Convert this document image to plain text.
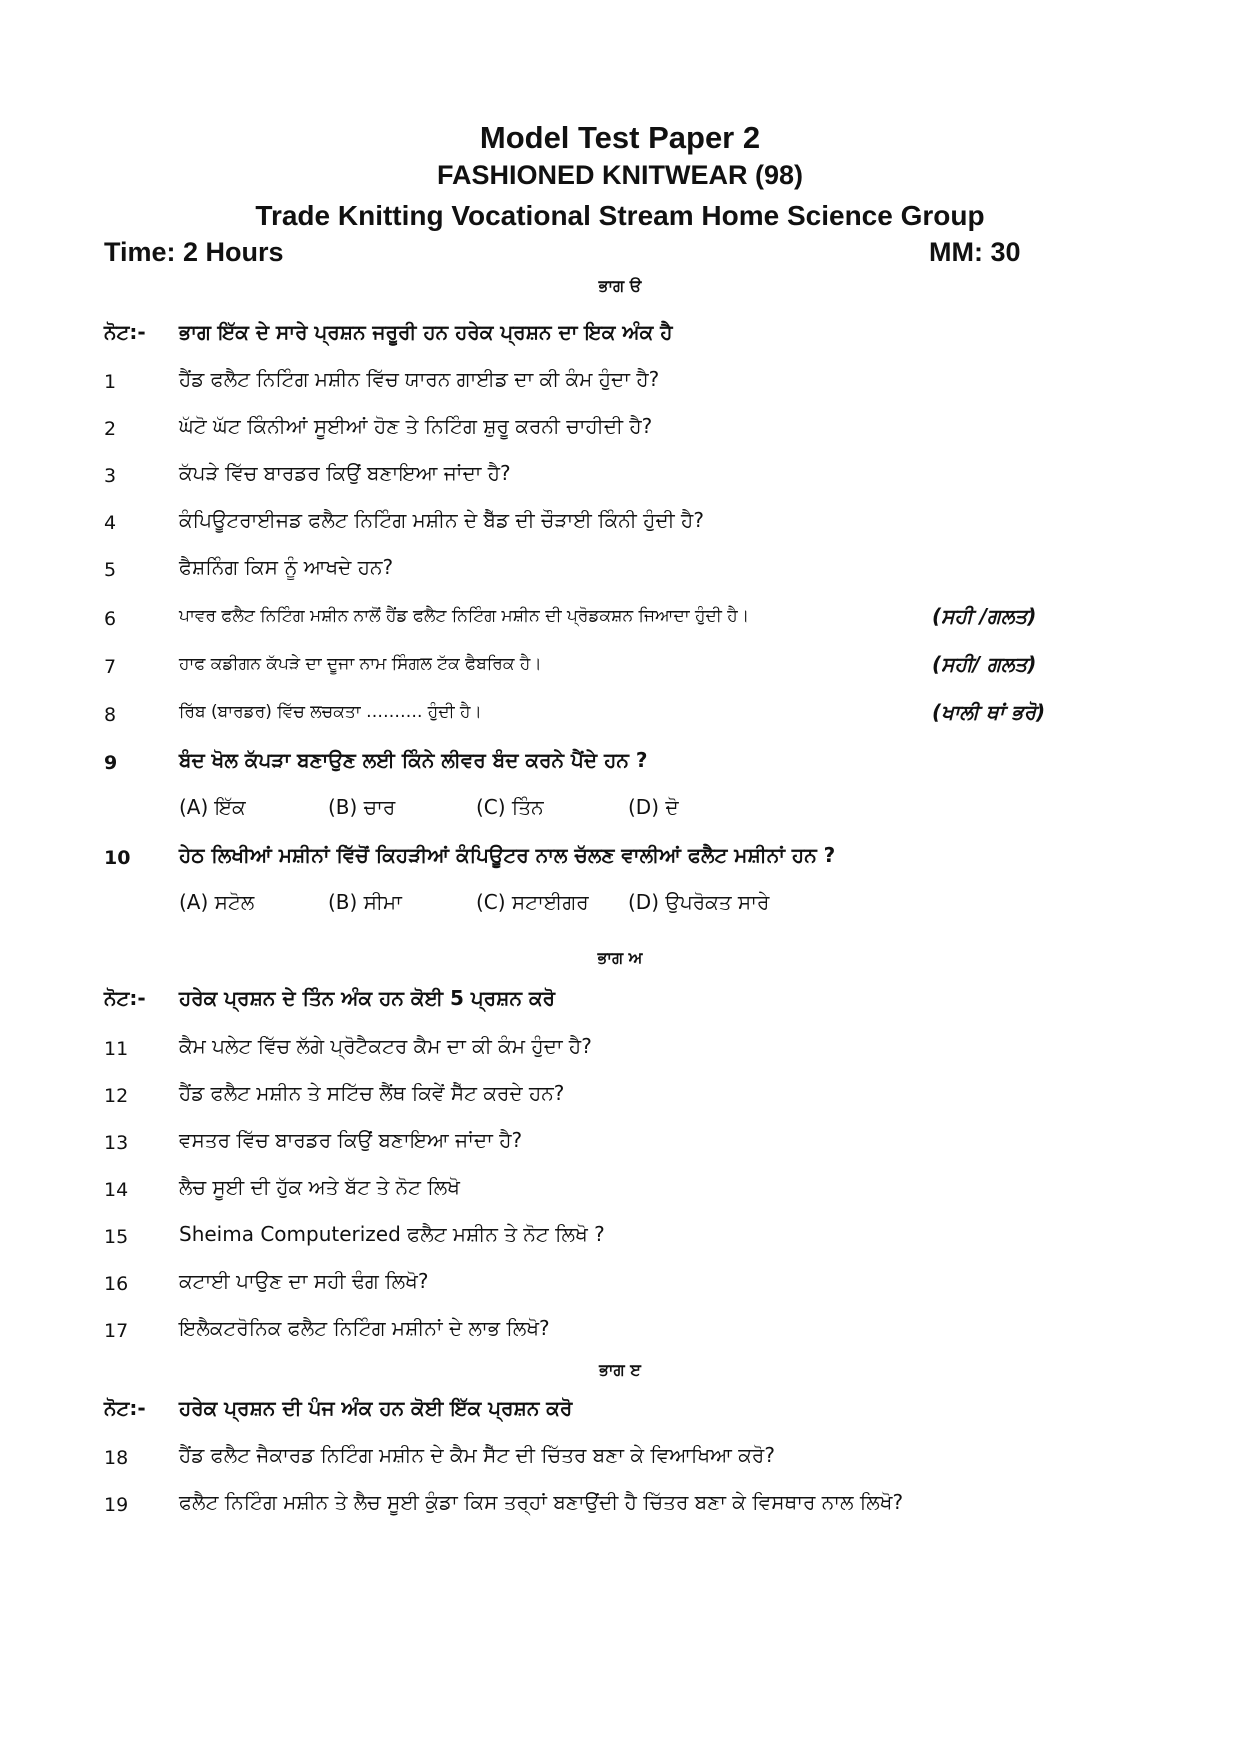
Model Test Paper 2
FASHIONED KNITWEAR (98)
Trade Knitting Vocational Stream Home Science Group
Time: 2 Hours	MM: 30
ਭਾਗ ੳ
ਨੋਟ:- ਭਾਗ ਇੱਕ ਦੇ ਸਾਰੇ ਪ੍ਰਸ਼ਨ ਜਰੂਰੀ ਹਨ ਹਰੇਕ ਪ੍ਰਸ਼ਨ ਦਾ ਇਕ ਅੰਕ ਹੈ
1	ਹੈਂਡ ਫਲੈਟ ਨਿਟਿੰਗ ਮਸ਼ੀਨ ਵਿੱਚ ਯਾਰਨ ਗਾਈਡ ਦਾ ਕੀ ਕੰਮ ਹੁੰਦਾ ਹੈ?
2	ਘੱਟੋ ਘੱਟ ਕਿੰਨੀਆਂ ਸੂਈਆਂ ਹੋਣ ਤੇ ਨਿਟਿੰਗ ਸ਼ੁਰੂ ਕਰਨੀ ਚਾਹੀਦੀ ਹੈ?
3	ਕੱਪੜੇ ਵਿੱਚ ਬਾਰਡਰ ਕਿਉਂ ਬਣਾਇਆ ਜਾਂਦਾ ਹੈ?
4	ਕੰਪਿਊਟਰਾਈਜਡ ਫਲੈਟ ਨਿਟਿੰਗ ਮਸ਼ੀਨ ਦੇ ਬੈੱਡ ਦੀ ਚੌੜਾਈ ਕਿੰਨੀ ਹੁੰਦੀ ਹੈ?
5	ਫੈਸ਼ਨਿੰਗ ਕਿਸ ਨੂੰ ਆਖਦੇ ਹਨ?
6	ਪਾਵਰ ਫਲੈਟ ਨਿਟਿੰਗ ਮਸ਼ੀਨ ਨਾਲੋਂ ਹੈਂਡ ਫਲੈਟ ਨਿਟਿੰਗ ਮਸ਼ੀਨ ਦੀ ਪ੍ਰੋਡਕਸ਼ਨ ਜਿਆਦਾ ਹੁੰਦੀ ਹੈ।	(ਸਹੀ /ਗਲਤ)
7	ਹਾਫ ਕਡੀਗਨ ਕੱਪੜੇ ਦਾ ਦੂਜਾ ਨਾਮ ਸਿੰਗਲ ਟੱਕ ਫੈਬਰਿਕ ਹੈ।	(ਸਹੀ/ ਗਲਤ)
8	ਰਿੱਬ (ਬਾਰਡਰ) ਵਿੱਚ ਲਚਕਤਾ ………. ਹੁੰਦੀ ਹੈ।	(ਖਾਲੀ ਥਾਂ ਭਰੋ)
9	ਬੰਦ ਖੋਲ ਕੱਪੜਾ ਬਣਾਉਣ ਲਈ ਕਿੰਨੇ ਲੀਵਰ ਬੰਦ ਕਰਨੇ ਪੈਂਦੇ ਹਨ ?
(A) ਇੱਕ	(B) ਚਾਰ	(C) ਤਿੰਨ	(D) ਦੋ
10 ਹੇਠ ਲਿਖੀਆਂ ਮਸ਼ੀਨਾਂ ਵਿੱਚੋਂ ਕਿਹੜੀਆਂ ਕੰਪਿਊਟਰ ਨਾਲ ਚੱਲਣ ਵਾਲੀਆਂ ਫਲੈਟ ਮਸ਼ੀਨਾਂ ਹਨ ?
(A) ਸਟੋਲ	(B) ਸੀਮਾ	(C) ਸਟਾਈਗਰ (D) ਉਪਰੋਕਤ ਸਾਰੇ
ਭਾਗ ਅ
ਨੋਟ:- ਹਰੇਕ ਪ੍ਰਸ਼ਨ ਦੇ ਤਿੰਨ ਅੰਕ ਹਨ ਕੋਈ 5 ਪ੍ਰਸ਼ਨ ਕਰੋ
11	ਕੈਮ ਪਲੇਟ ਵਿੱਚ ਲੱਗੇ ਪ੍ਰੋਟੈਕਟਰ ਕੈਮ ਦਾ ਕੀ ਕੰਮ ਹੁੰਦਾ ਹੈ?
12	ਹੈਂਡ ਫਲੈਟ ਮਸ਼ੀਨ ਤੇ ਸਟਿੱਚ ਲੈਂਥ ਕਿਵੇਂ ਸੈੱਟ ਕਰਦੇ ਹਨ?
13	ਵਸਤਰ ਵਿੱਚ ਬਾਰਡਰ ਕਿਉਂ ਬਣਾਇਆ ਜਾਂਦਾ ਹੈ?
14	ਲੈਚ ਸੂਈ ਦੀ ਹੁੱਕ ਅਤੇ ਬੱਟ ਤੇ ਨੋਟ ਲਿਖੋ
15	Sheima Computerized ਫਲੈਟ ਮਸ਼ੀਨ ਤੇ ਨੋਟ ਲਿਖੋ ?
16	ਕਟਾਈ ਪਾਉਣ ਦਾ ਸਹੀ ਢੰਗ ਲਿਖੋ?
17	ਇਲੈਕਟਰੋਨਿਕ ਫਲੈਟ ਨਿਟਿੰਗ ਮਸ਼ੀਨਾਂ ਦੇ ਲਾਭ ਲਿਖੋ?
ਭਾਗ ੲ
ਨੋਟ:- ਹਰੇਕ ਪ੍ਰਸ਼ਨ ਦੀ ਪੰਜ ਅੰਕ ਹਨ ਕੋਈ ਇੱਕ ਪ੍ਰਸ਼ਨ ਕਰੋ
18	ਹੈਂਡ ਫਲੈਟ ਜੈਕਾਰਡ ਨਿਟਿੰਗ ਮਸ਼ੀਨ ਦੇ ਕੈਮ ਸੈੱਟ ਦੀ ਚਿੱਤਰ ਬਣਾ ਕੇ ਵਿਆਖਿਆ ਕਰੋ?
19	ਫਲੈਟ ਨਿਟਿੰਗ ਮਸ਼ੀਨ ਤੇ ਲੈਚ ਸੂਈ ਕੁੰਡਾ ਕਿਸ ਤਰ੍ਹਾਂ ਬਣਾਉਂਦੀ ਹੈ ਚਿੱਤਰ ਬਣਾ ਕੇ ਵਿਸਥਾਰ ਨਾਲ ਲਿਖੋ?
